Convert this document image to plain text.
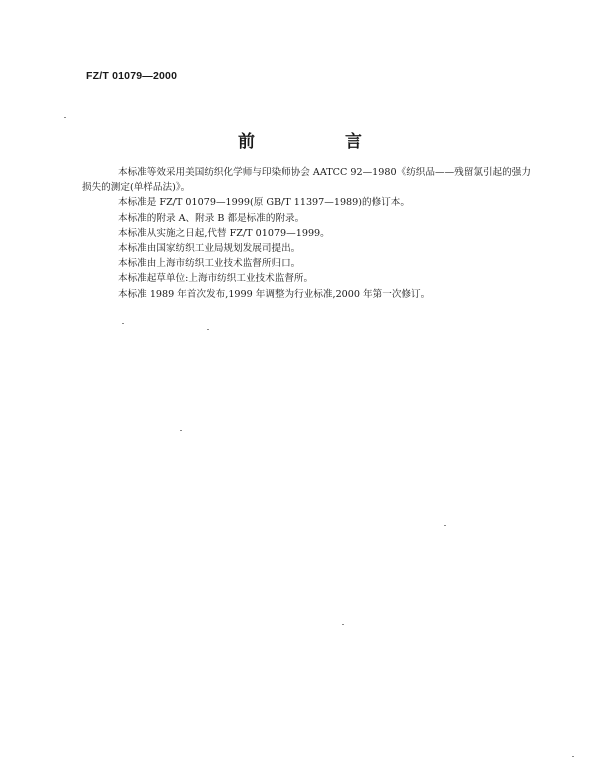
FZ/T 01079—2000
前 言

本标准等效采用美国纺织化学师与印染师协会 AATCC 92—1980《纺织品——残留氯引起的强力
损失的测定(单样品法)》。

本标准是 FZ/T 01079—1999(原 GB/T 11397—1989)的修订本。

本标准的附录 A、附录 B 都是标准的附录。

本标准从实施之日起,代替 FZ/T 01079—1999。

本标准由国家纺织工业局规划发展司提出。

本标准由上海市纺织工业技术监督所归口。

本标准起草单位:上海市纺织工业技术监督所。

本标准 1989 年首次发布,1999 年调整为行业标准,2000 年第一次修订。
